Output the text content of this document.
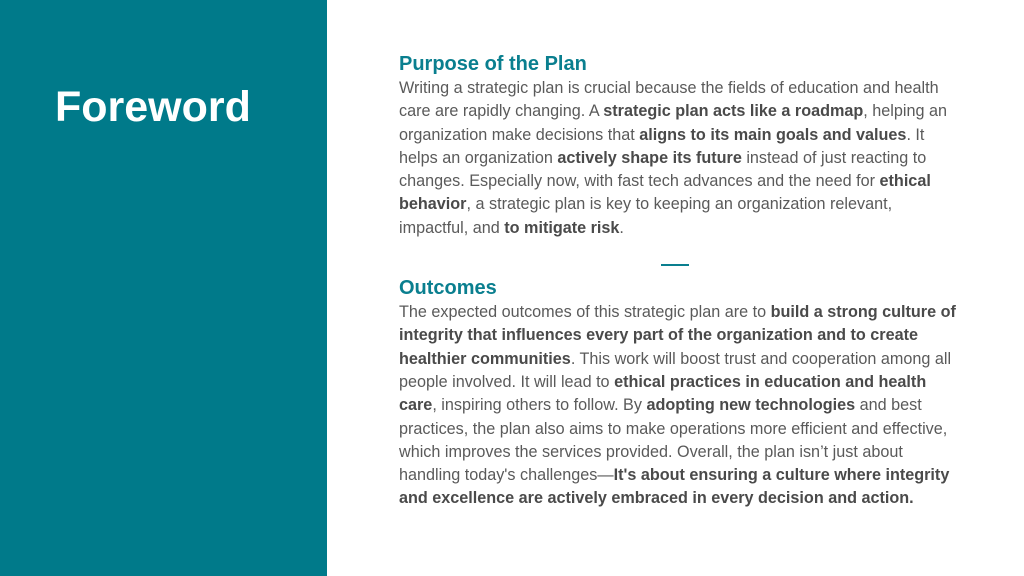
Foreword
Purpose of the Plan

Writing a strategic plan is crucial because the fields of education and health care are rapidly changing. A strategic plan acts like a roadmap, helping an organization make decisions that aligns to its main goals and values. It helps an organization actively shape its future instead of just reacting to changes. Especially now, with fast tech advances and the need for ethical behavior, a strategic plan is key to keeping an organization relevant, impactful, and to mitigate risk.

Outcomes

The expected outcomes of this strategic plan are to build a strong culture of integrity that influences every part of the organization and to create healthier communities. This work will boost trust and cooperation among all people involved. It will lead to ethical practices in education and health care, inspiring others to follow. By adopting new technologies and best practices, the plan also aims to make operations more efficient and effective, which improves the services provided. Overall, the plan isn’t just about handling today's challenges—It's about ensuring a culture where integrity and excellence are actively embraced in every decision and action.
